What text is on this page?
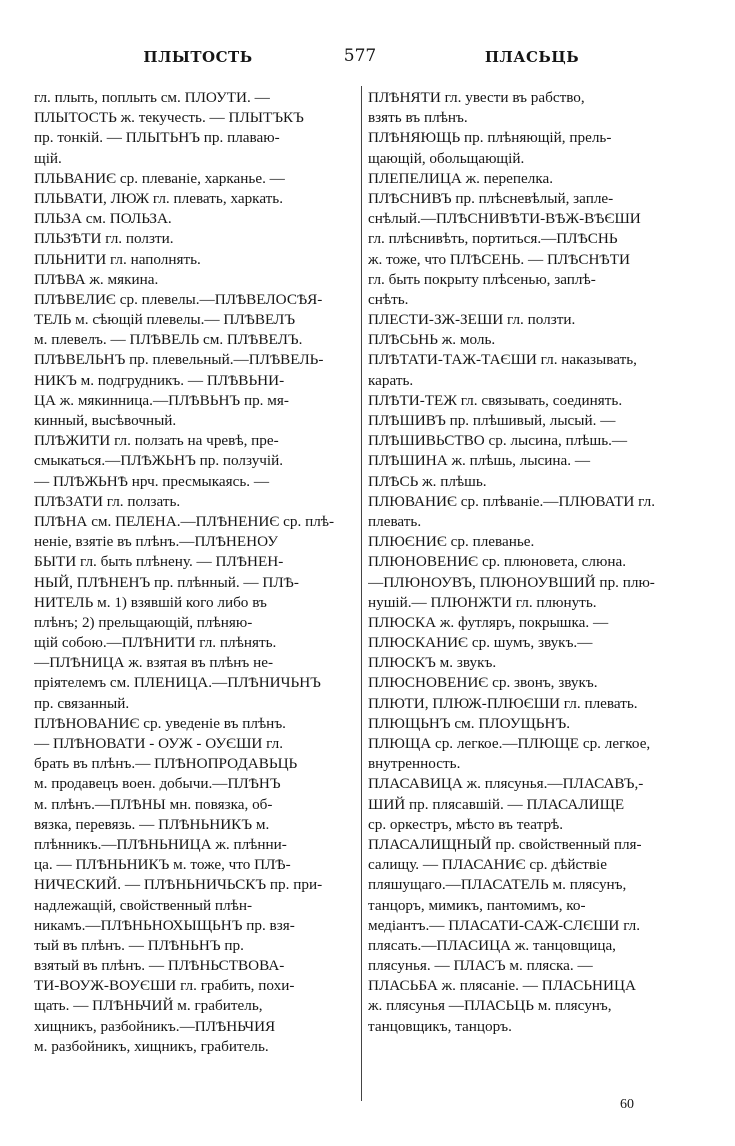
ПЛЫТОСТЬ	577	ПЛАСЬЦЬ
гл. плыть, поплыть см. ПЛОУТИ. —
ПЛЫТОСТЬ ж. текучесть. — ПЛЫТЪКЪ
пр. тонкій. — ПЛЫТЬНЪ пр. плаваю-
щій.
ПЛЬВАНИЄ ср. плеваніе, харканье. —
ПЛЬВАТИ, ЛЮЖ гл. плевать, харкать.
ПЛЬЗА см. ПОЛЬЗА.
ПЛЬЗѢТИ гл. ползти.
ПЛЬНИТИ гл. наполнять.
ПЛѢВА ж. мякина.
ПЛѢВЕЛИЄ ср. плевелы.—ПЛѢВЕЛОСѢЯ-
ТЕЛЬ м. сѣющій плевелы.— ПЛѢВЕЛЪ
м. плевелъ. — ПЛѢВЕЛЬ см. ПЛѢВЕЛЪ.
ПЛѢВЕЛЬНЪ пр. плевельный.—ПЛѢВЕЛЬ-
НИКЪ м. подгрудникъ. — ПЛѢВЬНИ-
ЦА ж. мякинница.—ПЛѢВЬНЪ пр. мя-
кинный, высѣвочный.
ПЛѢЖИТИ гл. ползать на чревѣ, пре-
смыкаться.—ПЛѢЖЬНЪ пр. ползучій.
— ПЛѢЖЬНѢ нрч. пресмыкаясь. —
ПЛѢЗАТИ гл. ползать.
ПЛѢНА см. ПЕЛЕНА.—ПЛѢНЕНИЄ ср. плѣ-
неніе, взятіе въ плѣнъ.—ПЛѢНЕНОУ
БЫТИ гл. быть плѣнену. — ПЛѢНЕН-
НЫЙ, ПЛѢНЕНЪ пр. плѣнный. — ПЛѢ-
НИТЕЛЬ м. 1) взявшій кого либо въ
плѣнъ; 2) прельщающій, плѣняю-
щій собою.—ПЛѢНИТИ гл. плѣнять.
—ПЛѢНИЦА ж. взятая въ плѣнъ не-
пріятелемъ см. ПЛЕНИЦА.—ПЛѢНИЧЬНЪ
пр. связанный.
ПЛѢНОВАНИЄ ср. уведеніе въ плѣнъ.
— ПЛѢНОВАТИ - ОУЖ - ОУЄШИ гл.
брать въ плѣнъ.— ПЛѢНОПРОДАВЬЦЬ
м. продавецъ воен. добычи.—ПЛѢНЪ
м. плѣнъ.—ПЛѢНЫ мн. повязка, об-
вязка, перевязь. — ПЛѢНЬНИКЪ м.
плѣнникъ.—ПЛѢНЬНИЦА ж. плѣнни-
ца. — ПЛѢНЬНИКЪ м. тоже, что ПЛѢ-
НИЧЕСКИЙ. — ПЛѢНЬНИЧЬСКЪ пр. при-
надлежащій, свойственный плѣн-
никамъ.—ПЛѢНЬНОХЫЩЬНЪ пр. взя-
тый въ плѣнъ. — ПЛѢНЬНЪ пр.
взятый въ плѣнъ. — ПЛѢНЬСТВОВА-
ТИ-ВОУЖ-ВОУЄШИ гл. грабить, похи-
щать. — ПЛѢНЬЧИЙ м. грабитель,
хищникъ, разбойникъ.—ПЛѢНЬЧИЯ
м. разбойникъ, хищникъ, грабитель.
ПЛѢНЯТИ гл. увести въ рабство,
взять въ плѣнъ.
ПЛѢНЯЮЩЬ пр. плѣняющій, прель-
щающій, обольщающій.
ПЛЕПЕЛИЦА ж. перепелка.
ПЛѢСНИВЪ пр. плѣсневѣлый, запле-
снѣлый.—ПЛѢСНИВѢТИ-ВѢЖ-ВѢЄШИ
гл. плѣснивѣть, портиться.—ПЛѢСНЬ
ж. тоже, что ПЛѢСЕНЬ. — ПЛѢСНѢТИ
гл. быть покрыту плѣсенью, заплѣ-
снѣть.
ПЛЕСТИ-ЗЖ-ЗЕШИ гл. ползти.
ПЛѢСЬНЬ ж. моль.
ПЛѢТАТИ-ТАЖ-ТАЄШИ гл. наказывать,
карать.
ПЛѢТИ-ТЕЖ гл. связывать, соединять.
ПЛѢШИВЪ пр. плѣшивый, лысый. —
ПЛѢШИВЬСТВО ср. лысина, плѣшь.—
ПЛѢШИНА ж. плѣшь, лысина. —
ПЛѢСЬ ж. плѣшь.
ПЛЮВАНИЄ ср. плѣваніе.—ПЛЮВАТИ гл.
плевать.
ПЛЮЄНИЄ ср. плеванье.
ПЛЮНОВЕНИЄ ср. плюновета, слюна.
—ПЛЮНОУВЪ, ПЛЮНОУВШИЙ пр. плю-
нушій.— ПЛЮНЖТИ гл. плюнуть.
ПЛЮСКА ж. футляръ, покрышка. —
ПЛЮСКАНИЄ ср. шумъ, звукъ.—
ПЛЮСКЪ м. звукъ.
ПЛЮСНОВЕНИЄ ср. звонъ, звукъ.
ПЛЮТИ, ПЛЮЖ-ПЛЮЄШИ гл. плевать.
ПЛЮЩЬНЪ см. ПЛОУЩЬНЪ.
ПЛЮЩА ср. легкое.—ПЛЮЩЕ ср. легкое,
внутренность.
ПЛАСАВИЦА ж. плясунья.—ПЛАСАВЪ,-
ШИЙ пр. плясавшій. — ПЛАСАЛИЩЕ
ср. оркестръ, мѣсто въ театрѣ.
ПЛАСАЛИЩНЫЙ пр. свойственный пля-
салищу. — ПЛАСАНИЄ ср. дѣйствіе
пляшущаго.—ПЛАСАТЕЛЬ м. плясунъ,
танцоръ, мимикъ, пантомимъ, ко-
медіантъ.— ПЛАСАТИ-САЖ-СЛЄШИ гл.
плясать.—ПЛАСИЦА ж. танцовщица,
плясунья. — ПЛАСЪ м. пляска. —
ПЛАСЬБА ж. плясаніе. — ПЛАСЬНИЦА
ж. плясунья —ПЛАСЬЦЬ м. плясунъ,
танцовщикъ, танцоръ.
60
